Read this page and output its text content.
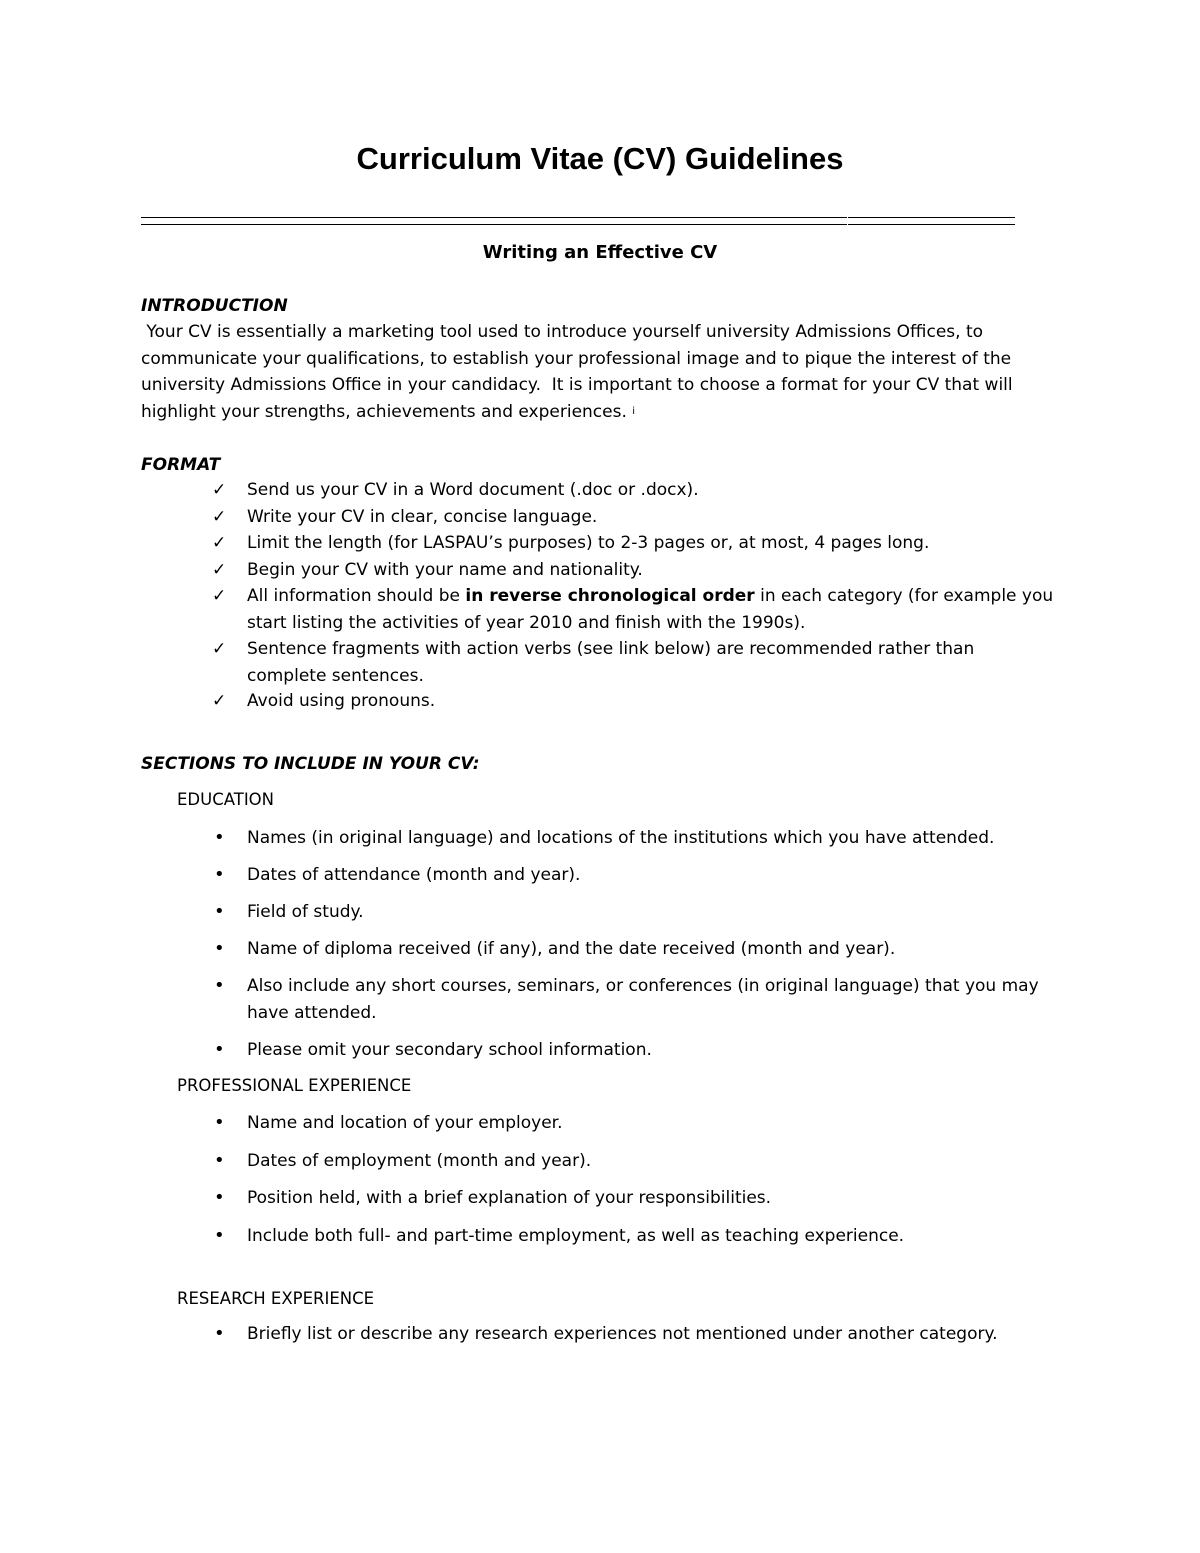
Curriculum Vitae (CV) Guidelines
Writing an Effective CV
INTRODUCTION
Your CV is essentially a marketing tool used to introduce yourself university Admissions Offices, to
communicate your qualifications, to establish your professional image and to pique the interest of the
university Admissions Office in your candidacy.  It is important to choose a format for your CV that will
highlight your strengths, achievements and experiences. $^i$
FORMAT
✓	Send us your CV in a Word document (.doc or .docx).
✓	Write your CV in clear, concise language.
✓	Limit the length (for LASPAU’s purposes) to 2-3 pages or, at most, 4 pages long.
✓	Begin your CV with your name and nationality.
✓	All information should be in reverse chronological order in each category (for example you
start listing the activities of year 2010 and finish with the 1990s).
✓	Sentence fragments with action verbs (see link below) are recommended rather than
complete sentences.
✓	Avoid using pronouns.
SECTIONS TO INCLUDE IN YOUR CV:
EDUCATION
•	Names (in original language) and locations of the institutions which you have attended.
•	Dates of attendance (month and year).
•	Field of study.
•	Name of diploma received (if any), and the date received (month and year).
•	Also include any short courses, seminars, or conferences (in original language) that you may
have attended.
•	Please omit your secondary school information.
PROFESSIONAL EXPERIENCE
•	Name and location of your employer.
•	Dates of employment (month and year).
•	Position held, with a brief explanation of your responsibilities.
•	Include both full- and part-time employment, as well as teaching experience.
RESEARCH EXPERIENCE
•	Briefly list or describe any research experiences not mentioned under another category.
